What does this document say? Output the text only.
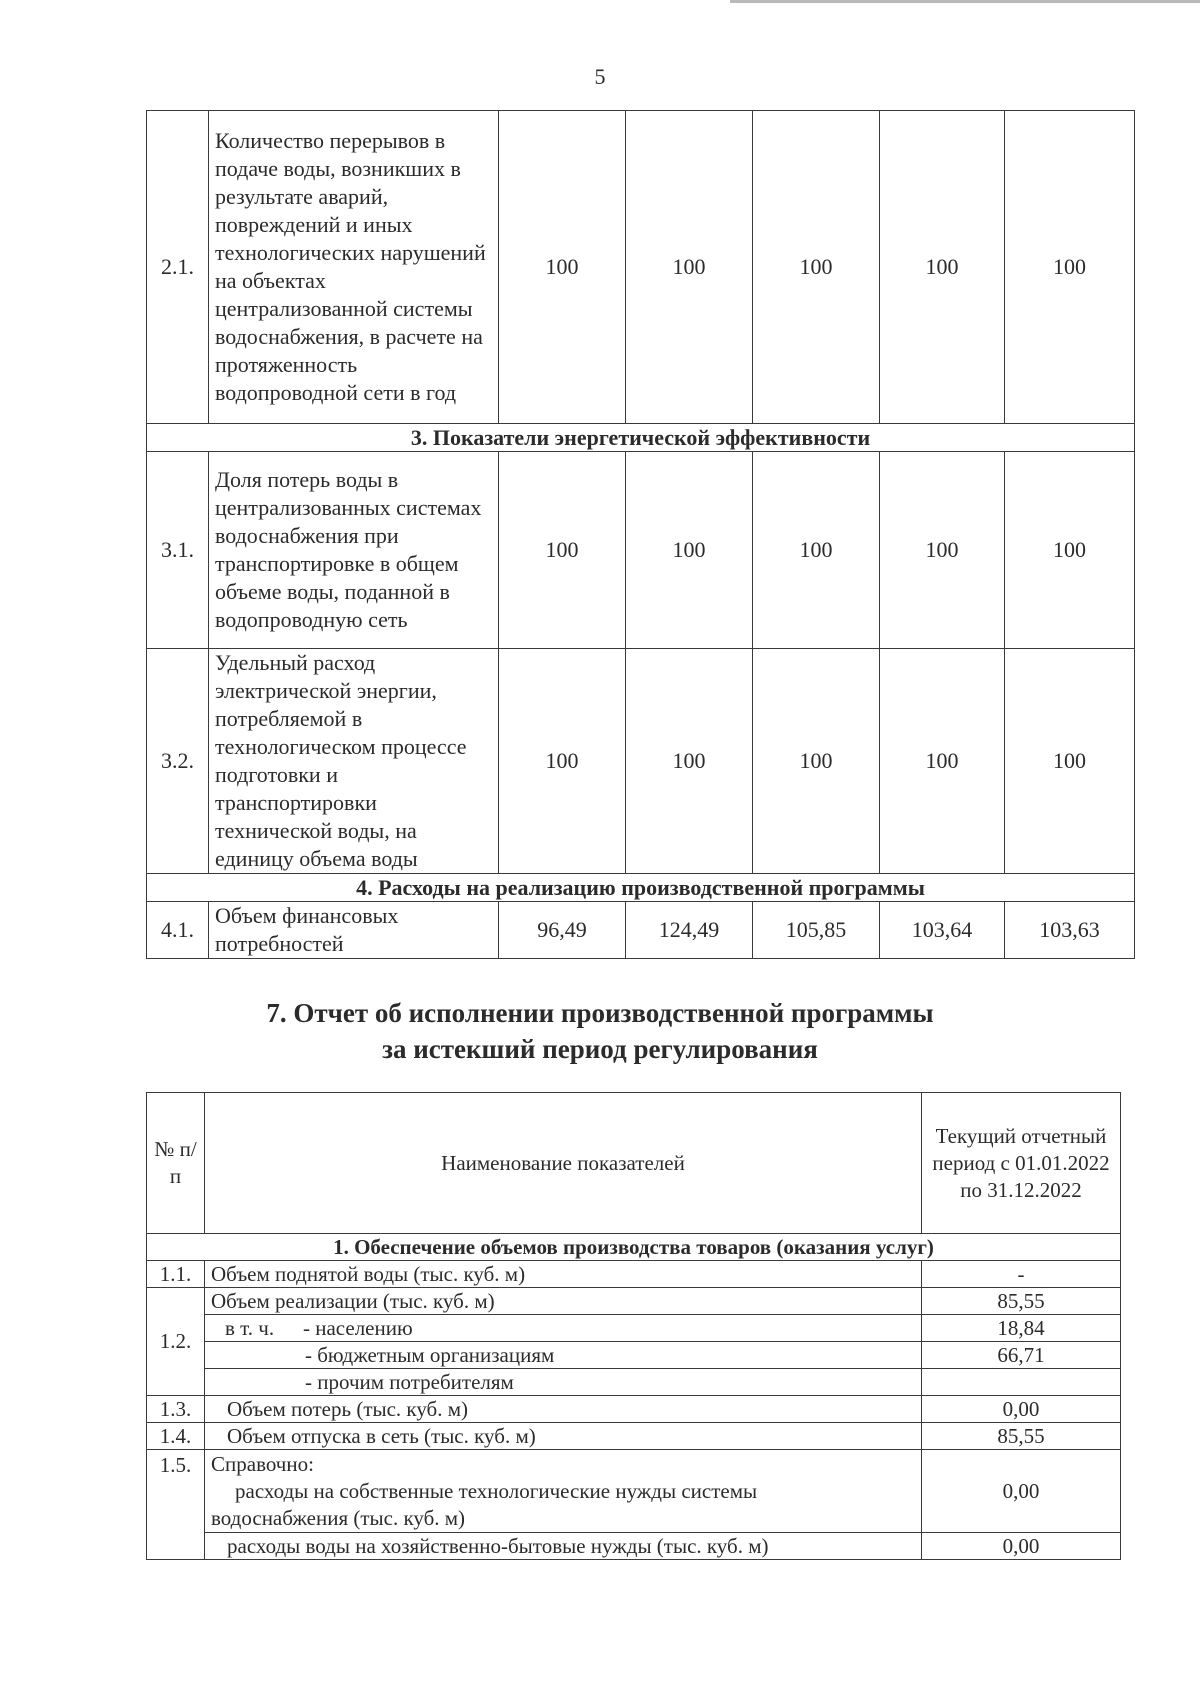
5
2.1.	Количество перерывов в подаче воды, возникших в результате аварий, повреждений и иных технологических нарушений на объектах централизованной системы водоснабжения, в расчете на протяженность водопроводной сети в год	100	100	100	100	100
3. Показатели энергетической эффективности						
3.1.	Доля потерь воды в централизованных системах водоснабжения при транспортировке в общем объеме воды, поданной в водопроводную сеть	100	100	100	100	100
3.2.	Удельный расход электрической энергии, потребляемой в технологическом процессе подготовки и транспортировки технической воды, на единицу объема воды	100	100	100	100	100
4. Расходы на реализацию производственной программы						
4.1.	Объем финансовых потребностей	96,49	124,49	105,85	103,64	103,63
7. Отчет об исполнении производственной программы
за истекший период регулирования
№ п/п	Наименование показателей	Текущий отчетный период с 01.01.2022 по 31.12.2022
1. Обеспечение объемов производства товаров (оказания услуг)		
1.1.	Объем поднятой воды (тыс. куб. м)	-
1.2.	Объем реализации (тыс. куб. м)	85,55

	в т. ч. - населению	18,84
	- бюджетным организациям	66,71
	- прочим потребителям	
1.3.	Объем потерь (тыс. куб. м)	0,00
1.4.	Объем отпуска в сеть (тыс. куб. м)	85,55
1.5.	Справочно:
расходы на собственные технологические нужды системы
водоснабжения (тыс. куб. м)	0,00
	расходы воды на хозяйственно-бытовые нужды (тыс. куб. м)	0,00
